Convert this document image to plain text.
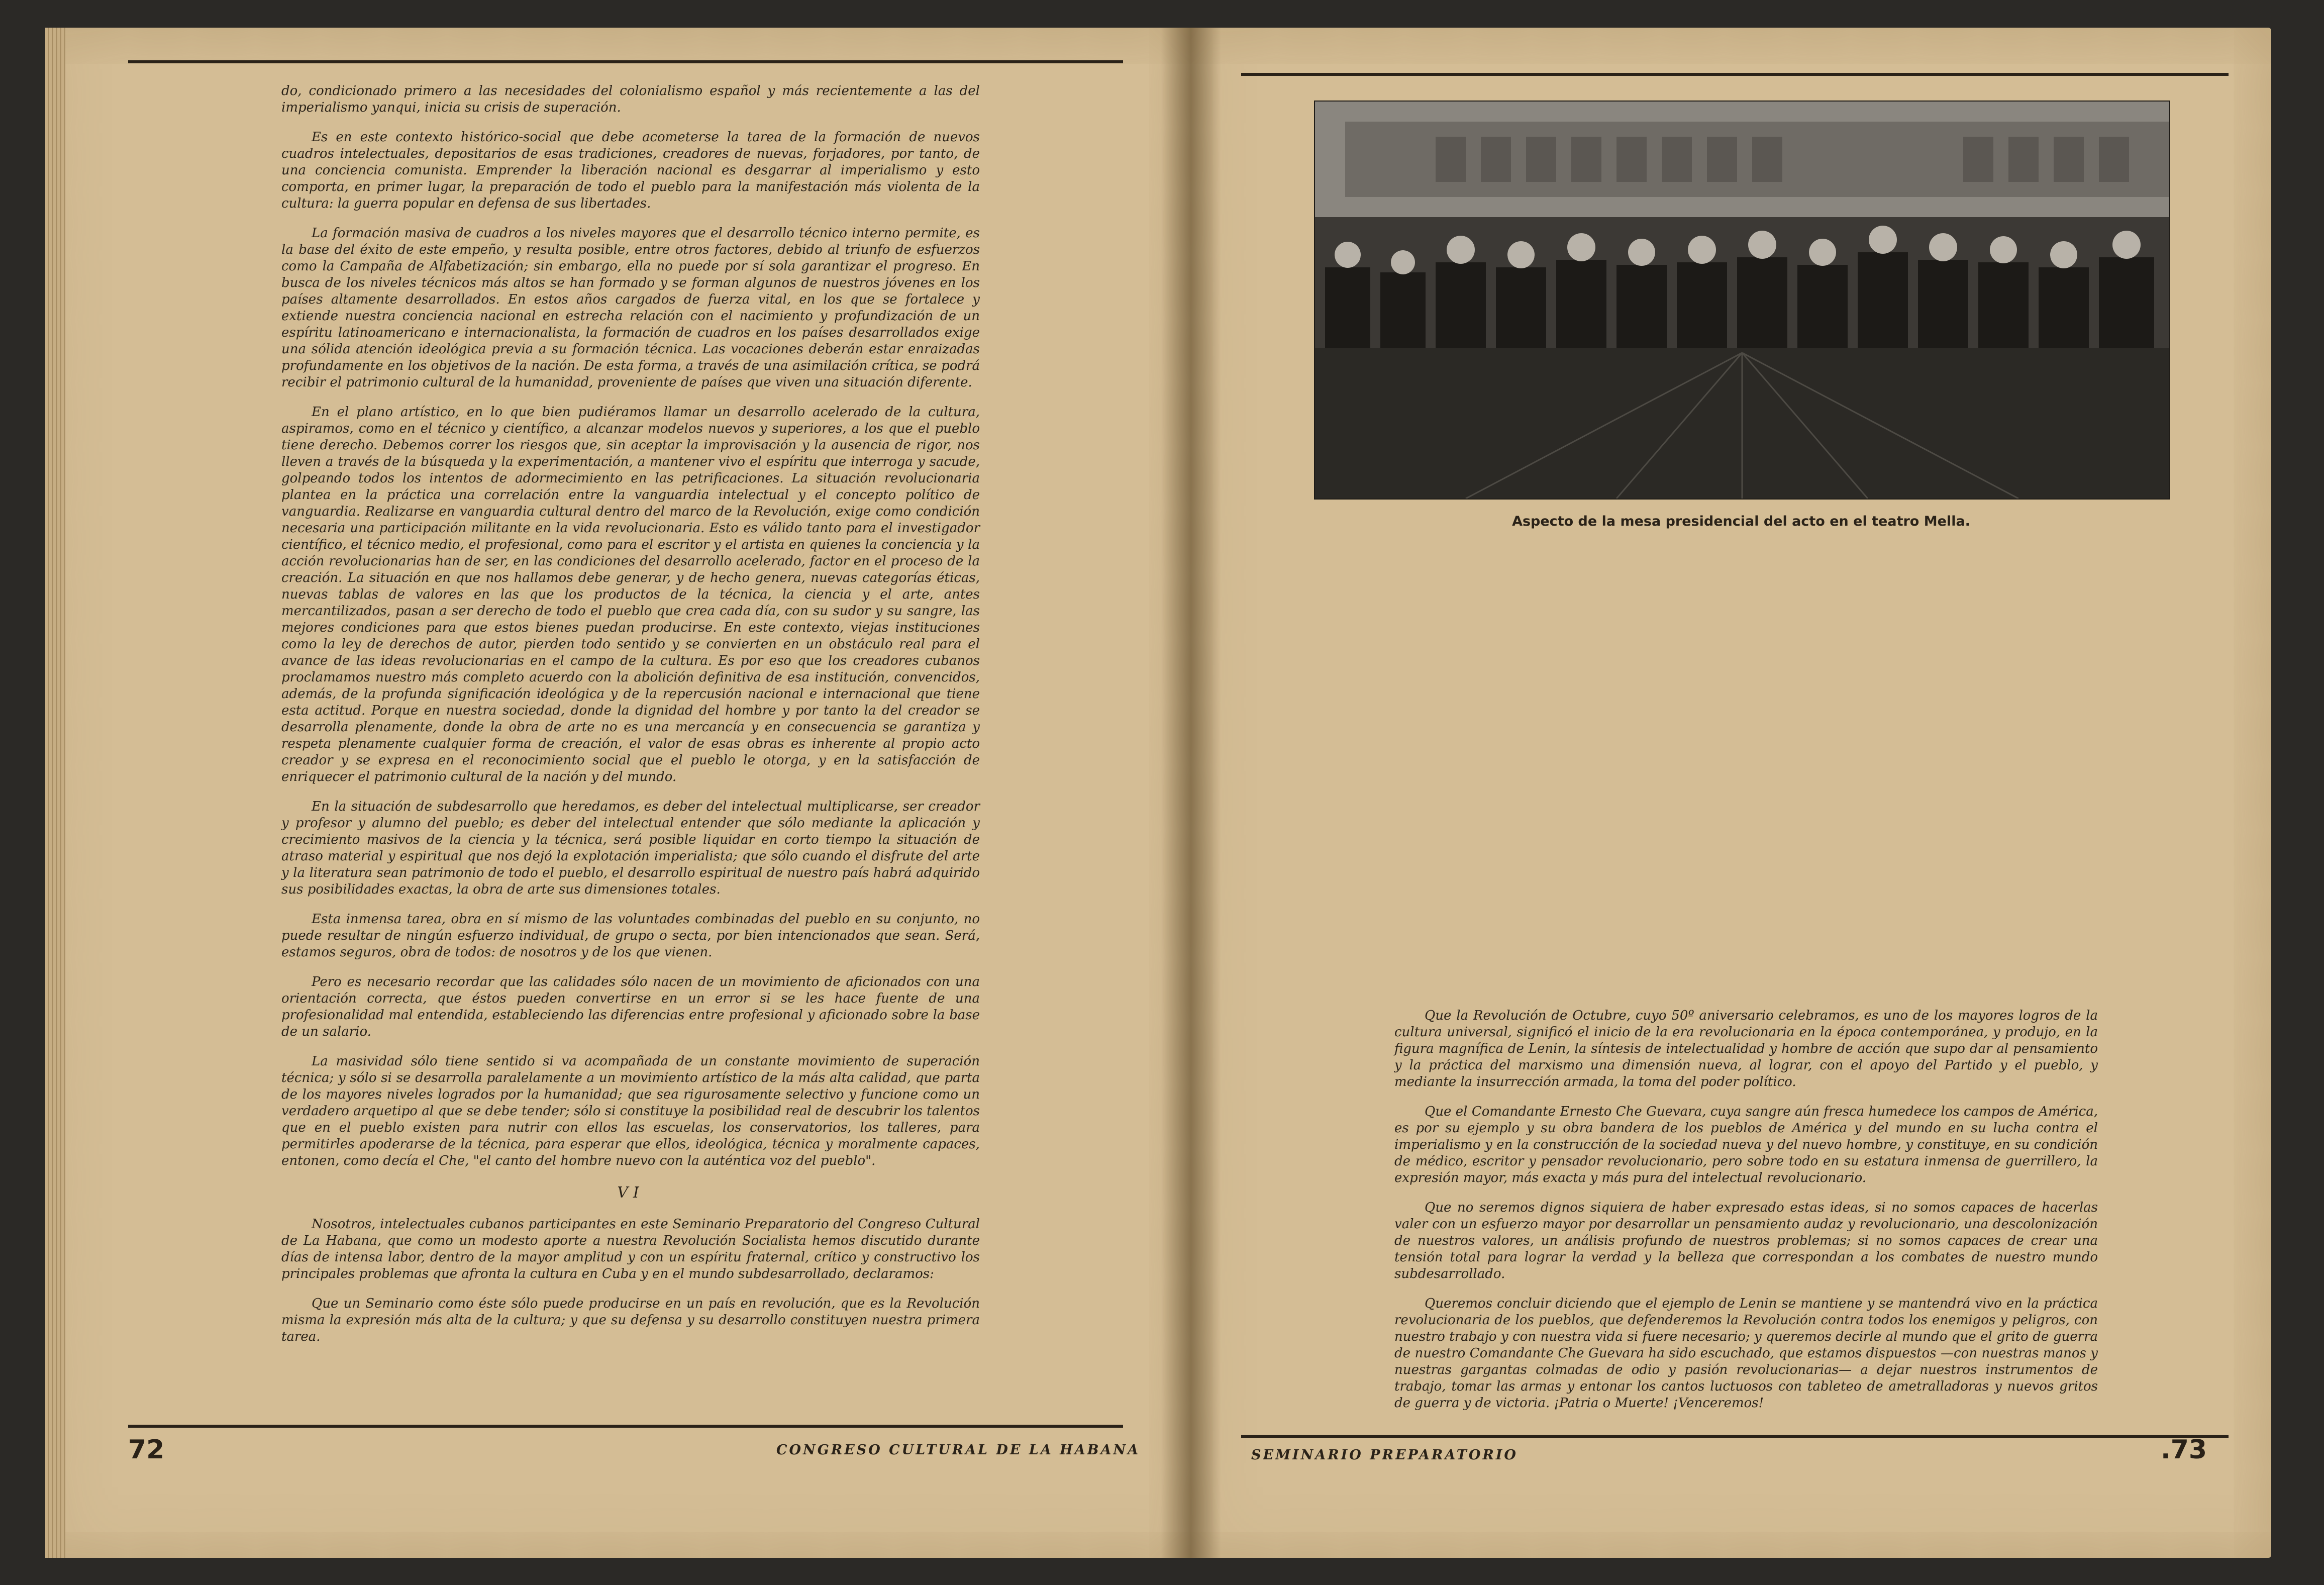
do, condicionado primero a las necesidades del colonialismo español y más recientemente a las del imperialismo yanqui, inicia su crisis de superación.

Es en este contexto histórico-social que debe acometerse la tarea de la formación de nuevos cuadros intelectuales, depositarios de esas tradiciones, creadores de nuevas, forjadores, por tanto, de una conciencia comunista. Emprender la liberación nacional es desgarrar al imperialismo y esto comporta, en primer lugar, la preparación de todo el pueblo para la manifestación más violenta de la cultura: la guerra popular en defensa de sus libertades.

La formación masiva de cuadros a los niveles mayores que el desarrollo técnico interno permite, es la base del éxito de este empeño, y resulta posible, entre otros factores, debido al triunfo de esfuerzos como la Campaña de Alfabetización; sin embargo, ella no puede por sí sola garantizar el progreso. En busca de los niveles técnicos más altos se han formado y se forman algunos de nuestros jóvenes en los países altamente desarrollados. En estos años cargados de fuerza vital, en los que se fortalece y extiende nuestra conciencia nacional en estrecha relación con el nacimiento y profundización de un espíritu latinoamericano e internacionalista, la formación de cuadros en los países desarrollados exige una sólida atención ideológica previa a su formación técnica. Las vocaciones deberán estar enraizadas profundamente en los objetivos de la nación. De esta forma, a través de una asimilación crítica, se podrá recibir el patrimonio cultural de la humanidad, proveniente de países que viven una situación diferente.

En el plano artístico, en lo que bien pudiéramos llamar un desarrollo acelerado de la cultura, aspiramos, como en el técnico y científico, a alcanzar modelos nuevos y superiores, a los que el pueblo tiene derecho. Debemos correr los riesgos que, sin aceptar la improvisación y la ausencia de rigor, nos lleven a través de la búsqueda y la experimentación, a mantener vivo el espíritu que interroga y sacude, golpeando todos los intentos de adormecimiento en las petrificaciones. La situación revolucionaria plantea en la práctica una correlación entre la vanguardia intelectual y el concepto político de vanguardia. Realizarse en vanguardia cultural dentro del marco de la Revolución, exige como condición necesaria una participación militante en la vida revolucionaria. Esto es válido tanto para el investigador científico, el técnico medio, el profesional, como para el escritor y el artista en quienes la conciencia y la acción revolucionarias han de ser, en las condiciones del desarrollo acelerado, factor en el proceso de la creación. La situación en que nos hallamos debe generar, y de hecho genera, nuevas categorías éticas, nuevas tablas de valores en las que los productos de la técnica, la ciencia y el arte, antes mercantilizados, pasan a ser derecho de todo el pueblo que crea cada día, con su sudor y su sangre, las mejores condiciones para que estos bienes puedan producirse. En este contexto, viejas instituciones como la ley de derechos de autor, pierden todo sentido y se convierten en un obstáculo real para el avance de las ideas revolucionarias en el campo de la cultura. Es por eso que los creadores cubanos proclamamos nuestro más completo acuerdo con la abolición definitiva de esa institución, convencidos, además, de la profunda significación ideológica y de la repercusión nacional e internacional que tiene esta actitud. Porque en nuestra sociedad, donde la dignidad del hombre y por tanto la del creador se desarrolla plenamente, donde la obra de arte no es una mercancía y en consecuencia se garantiza y respeta plenamente cualquier forma de creación, el valor de esas obras es inherente al propio acto creador y se expresa en el reconocimiento social que el pueblo le otorga, y en la satisfacción de enriquecer el patrimonio cultural de la nación y del mundo.

En la situación de subdesarrollo que heredamos, es deber del intelectual multiplicarse, ser creador y profesor y alumno del pueblo; es deber del intelectual entender que sólo mediante la aplicación y crecimiento masivos de la ciencia y la técnica, será posible liquidar en corto tiempo la situación de atraso material y espiritual que nos dejó la explotación imperialista; que sólo cuando el disfrute del arte y la literatura sean patrimonio de todo el pueblo, el desarrollo espiritual de nuestro país habrá adquirido sus posibilidades exactas, la obra de arte sus dimensiones totales.

Esta inmensa tarea, obra en sí mismo de las voluntades combinadas del pueblo en su conjunto, no puede resultar de ningún esfuerzo individual, de grupo o secta, por bien intencionados que sean. Será, estamos seguros, obra de todos: de nosotros y de los que vienen.

Pero es necesario recordar que las calidades sólo nacen de un movimiento de aficionados con una orientación correcta, que éstos pueden convertirse en un error si se les hace fuente de una profesionalidad mal entendida, estableciendo las diferencias entre profesional y aficionado sobre la base de un salario.

La masividad sólo tiene sentido si va acompañada de un constante movimiento de superación técnica; y sólo si se desarrolla paralelamente a un movimiento artístico de la más alta calidad, que parta de los mayores niveles logrados por la humanidad; que sea rigurosamente selectivo y funcione como un verdadero arquetipo al que se debe tender; sólo si constituye la posibilidad real de descubrir los talentos que en el pueblo existen para nutrir con ellos las escuelas, los conservatorios, los talleres, para permitirles apoderarse de la técnica, para esperar que ellos, ideológica, técnica y moralmente capaces, entonen, como decía el Che, "el canto del hombre nuevo con la auténtica voz del pueblo".

VI

Nosotros, intelectuales cubanos participantes en este Seminario Preparatorio del Congreso Cultural de La Habana, que como un modesto aporte a nuestra Revolución Socialista hemos discutido durante días de intensa labor, dentro de la mayor amplitud y con un espíritu fraternal, crítico y constructivo los principales problemas que afronta la cultura en Cuba y en el mundo subdesarrollado, declaramos:

Que un Seminario como éste sólo puede producirse en un país en revolución, que es la Revolución misma la expresión más alta de la cultura; y que su defensa y su desarrollo constituyen nuestra primera tarea.

72	CONGRESO CULTURAL DE LA HABANA
Aspecto de la mesa presidencial del acto en el teatro Mella.

Que la Revolución de Octubre, cuyo 50º aniversario celebramos, es uno de los mayores logros de la cultura universal, significó el inicio de la era revolucionaria en la época contemporánea, y produjo, en la figura magnífica de Lenin, la síntesis de intelectualidad y hombre de acción que supo dar al pensamiento y la práctica del marxismo una dimensión nueva, al lograr, con el apoyo del Partido y el pueblo, y mediante la insurrección armada, la toma del poder político.

Que el Comandante Ernesto Che Guevara, cuya sangre aún fresca humedece los campos de América, es por su ejemplo y su obra bandera de los pueblos de América y del mundo en su lucha contra el imperialismo y en la construcción de la sociedad nueva y del nuevo hombre, y constituye, en su condición de médico, escritor y pensador revolucionario, pero sobre todo en su estatura inmensa de guerrillero, la expresión mayor, más exacta y más pura del intelectual revolucionario.

Que no seremos dignos siquiera de haber expresado estas ideas, si no somos capaces de hacerlas valer con un esfuerzo mayor por desarrollar un pensamiento audaz y revolucionario, una descolonización de nuestros valores, un análisis profundo de nuestros problemas; si no somos capaces de crear una tensión total para lograr la verdad y la belleza que correspondan a los combates de nuestro mundo subdesarrollado.

Queremos concluir diciendo que el ejemplo de Lenin se mantiene y se mantendrá vivo en la práctica revolucionaria de los pueblos, que defenderemos la Revolución contra todos los enemigos y peligros, con nuestro trabajo y con nuestra vida si fuere necesario; y queremos decirle al mundo que el grito de guerra de nuestro Comandante Che Guevara ha sido escuchado, que estamos dispuestos —con nuestras manos y nuestras gargantas colmadas de odio y pasión revolucionarias— a dejar nuestros instrumentos de trabajo, tomar las armas y entonar los cantos luctuosos con tableteo de ametralladoras y nuevos gritos de guerra y de victoria. ¡Patria o Muerte! ¡Venceremos!

SEMINARIO PREPARATORIO	.73
